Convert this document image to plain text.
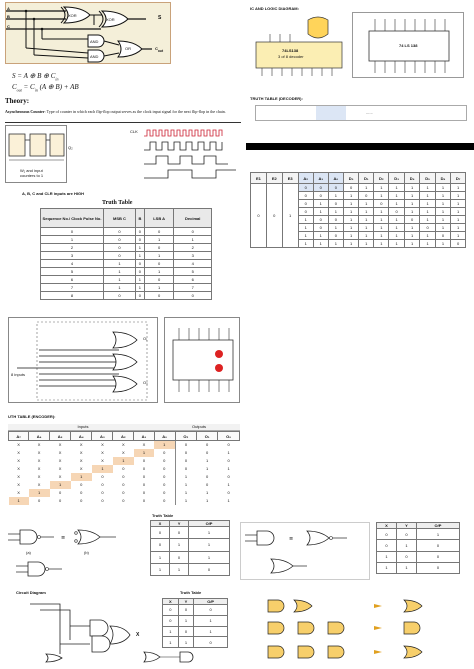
A
B
C
XOR
XOR	S
AND
AND
OR	$C_{out}$
S = A ⊕ B ⊕ $C_{in}$
$C_{out} = C_{in}$ (A ⊕ B) + AB
Theory:
Asynchronous Counter: Type of counter in which each flip-flop output serves as the clock input signal for the next flip-flop in the chain.
W₁ and input
counters to 1
Q₂
CLK
A, B, C and CLR inputs are HIGH
Truth Table
Sequence No./ Clock Pulse No.	MSB C	B	LSB A	Decimal
0	0	0	0	0
1	0	0	1	1
2	0	1	0	2
3	0	1	1	3
4	1	0	0	4
5	1	0	1	5
6	1	1	0	6
7	1	1	1	7
8	0	0	0	0
IC AND LOGIC DIAGRAM:
74LS138
3 of 8 decoder
74 LS 138
TRUTH TABLE (DECODER):
......
E1	E2	E3	A₂	A₁	A₀	D₀	D₁	D₂	D₃	D₄	D₅	D₆	D₇
0	0	1	0	0	0	0	1	1	1	1	1	1	1
			0	0	1	1	0	1	1	1	1	1	1
			0	1	0	1	1	0	1	1	1	1	1
			0	1	1	1	1	1	0	1	1	1	1
			1	0	0	1	1	1	1	0	1	1	1
			1	0	1	1	1	1	1	1	0	1	1
			1	1	0	1	1	1	1	1	1	0	1
			1	1	1	1	1	1	1	1	1	1	0
O₁
O₀
8 inputs
UTH TABLE (ENCODER):
Inputs	Outputs
A₇	A₆	A₅	A₄	A₃	A₂	A₁	A₀	O₂	O₁	O₀
X	X	X	X	X	X	X	1	0	0	0
X	X	X	X	X	X	1	0	0	0	1
X	X	X	X	X	1	0	0	0	1	0
X	X	X	X	1	0	0	0	0	1	1
X	X	X	1	0	0	0	0	1	0	0
X	X	1	0	0	0	0	0	1	0	1
X	1	0	0	0	0	0	0	1	1	0
1	0	0	0	0	0	0	0	1	1	1
≡
(a)	(b)
Truth Table
X	Y	O/P
0	0	1
0	1	1
1	0	1
1	1	0
≡
X	Y	O/P
0	0	1
0	1	0
1	0	0
1	1	0
Circuit Diagram
X
Truth Table
X	Y	O/P
0	0	0
0	1	1
1	0	1
1	1	0
